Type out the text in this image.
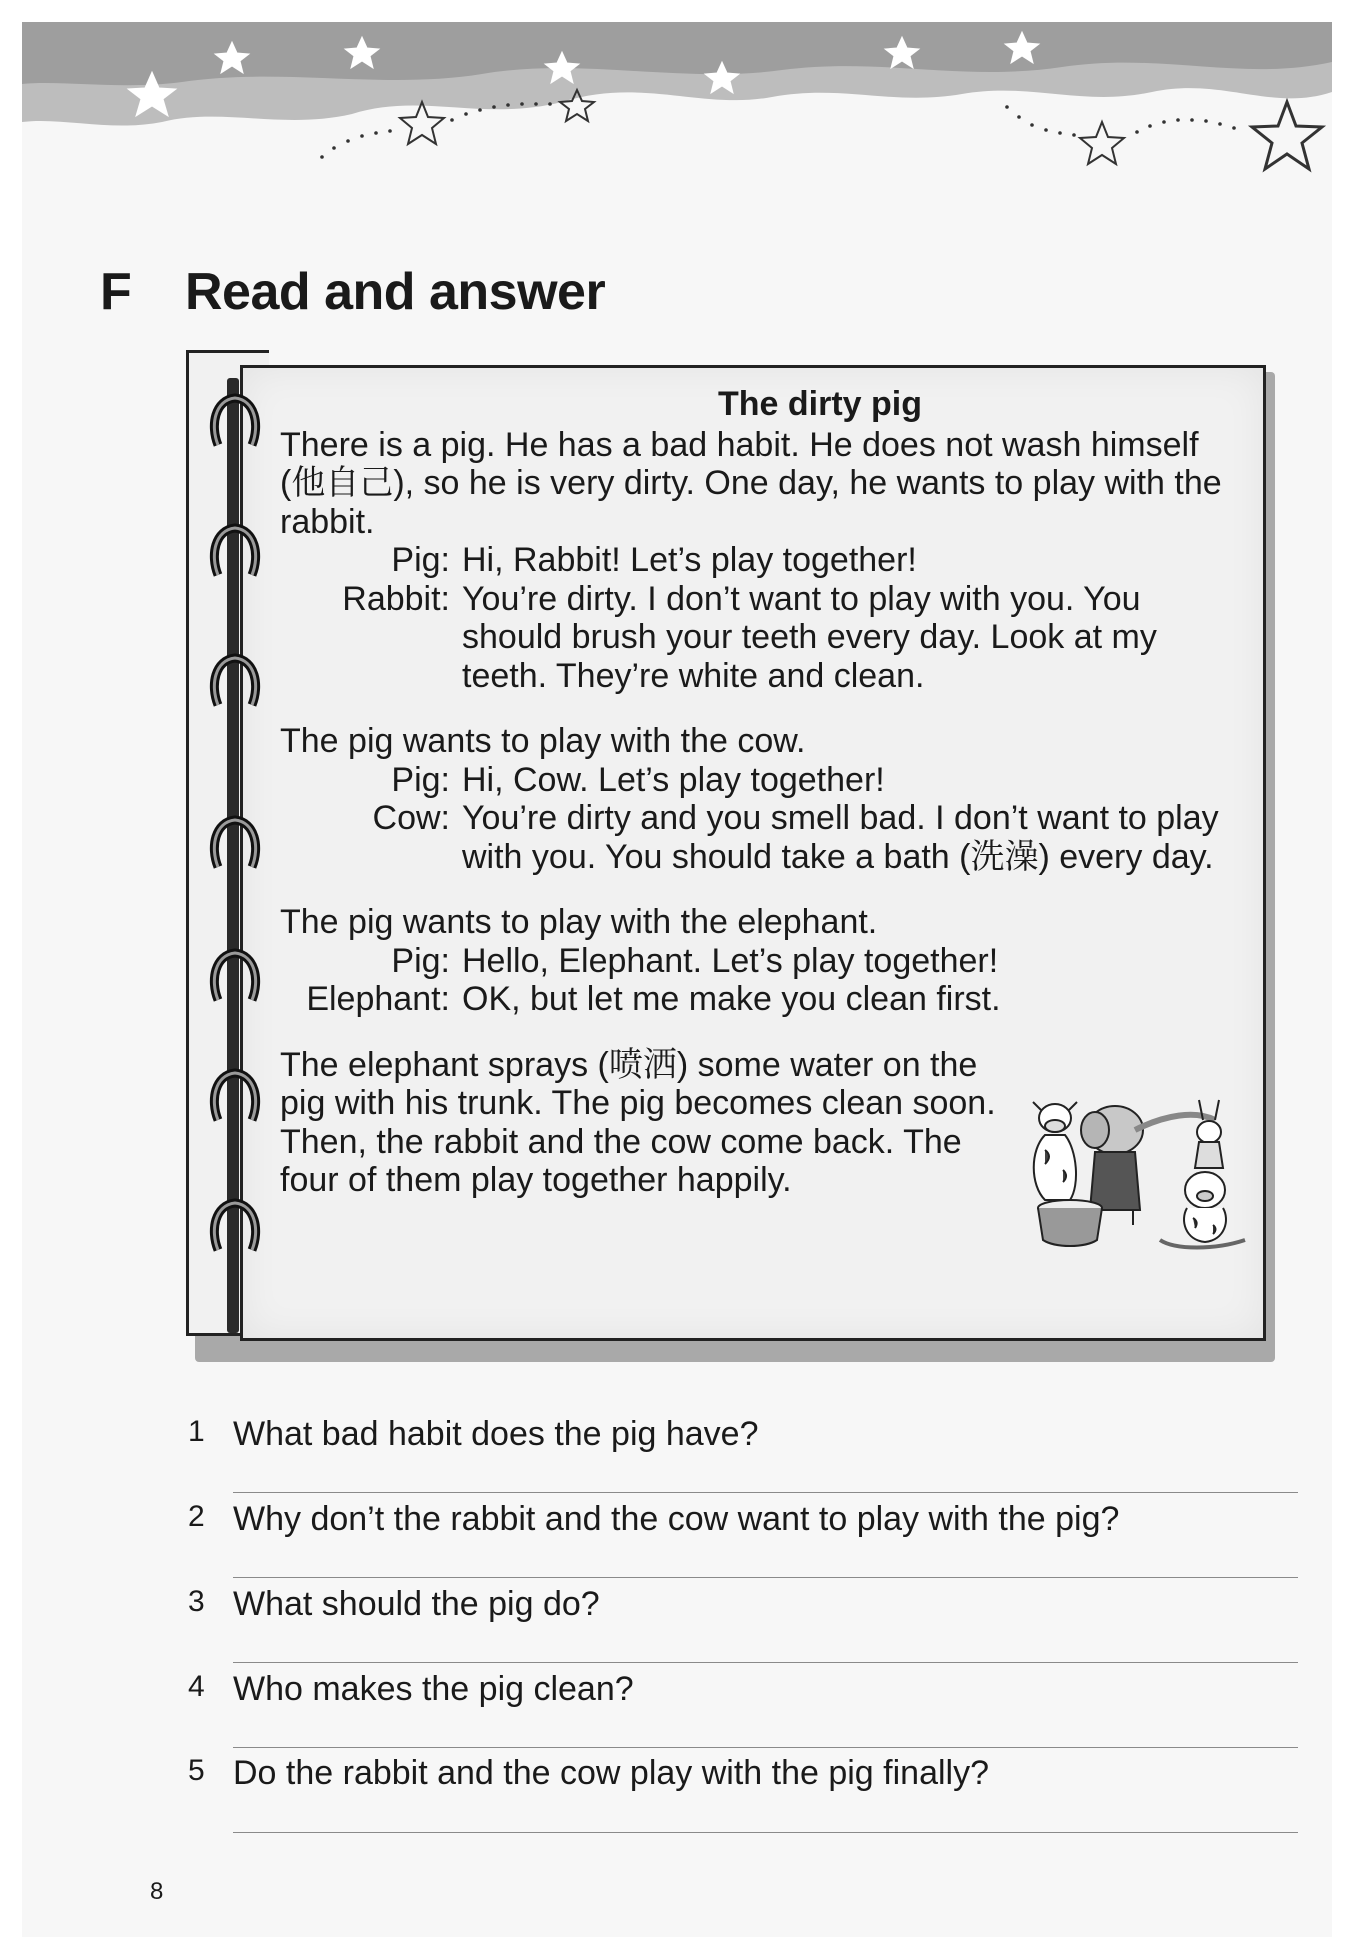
F Read and answer
The dirty pig

There is a pig. He has a bad habit. He does not wash himself (他自己), so he is very dirty. One day, he wants to play with the rabbit.

Pig: Hi, Rabbit! Let’s play together!
Rabbit: You’re dirty. I don’t want to play with you. You should brush your teeth every day. Look at my teeth. They’re white and clean.

The pig wants to play with the cow.

Pig: Hi, Cow. Let’s play together!
Cow: You’re dirty and you smell bad. I don’t want to play with you. You should take a bath (洗澡) every day.

The pig wants to play with the elephant.

Pig: Hello, Elephant. Let’s play together!
Elephant: OK, but let me make you clean first.

The elephant sprays (喷洒) some water on the pig with his trunk. The pig becomes clean soon. Then, the rabbit and the cow come back. The four of them play together happily.

1 What bad habit does the pig have?
2 Why don’t the rabbit and the cow want to play with the pig?
3 What should the pig do?
4 Who makes the pig clean?
5 Do the rabbit and the cow play with the pig finally?
8
